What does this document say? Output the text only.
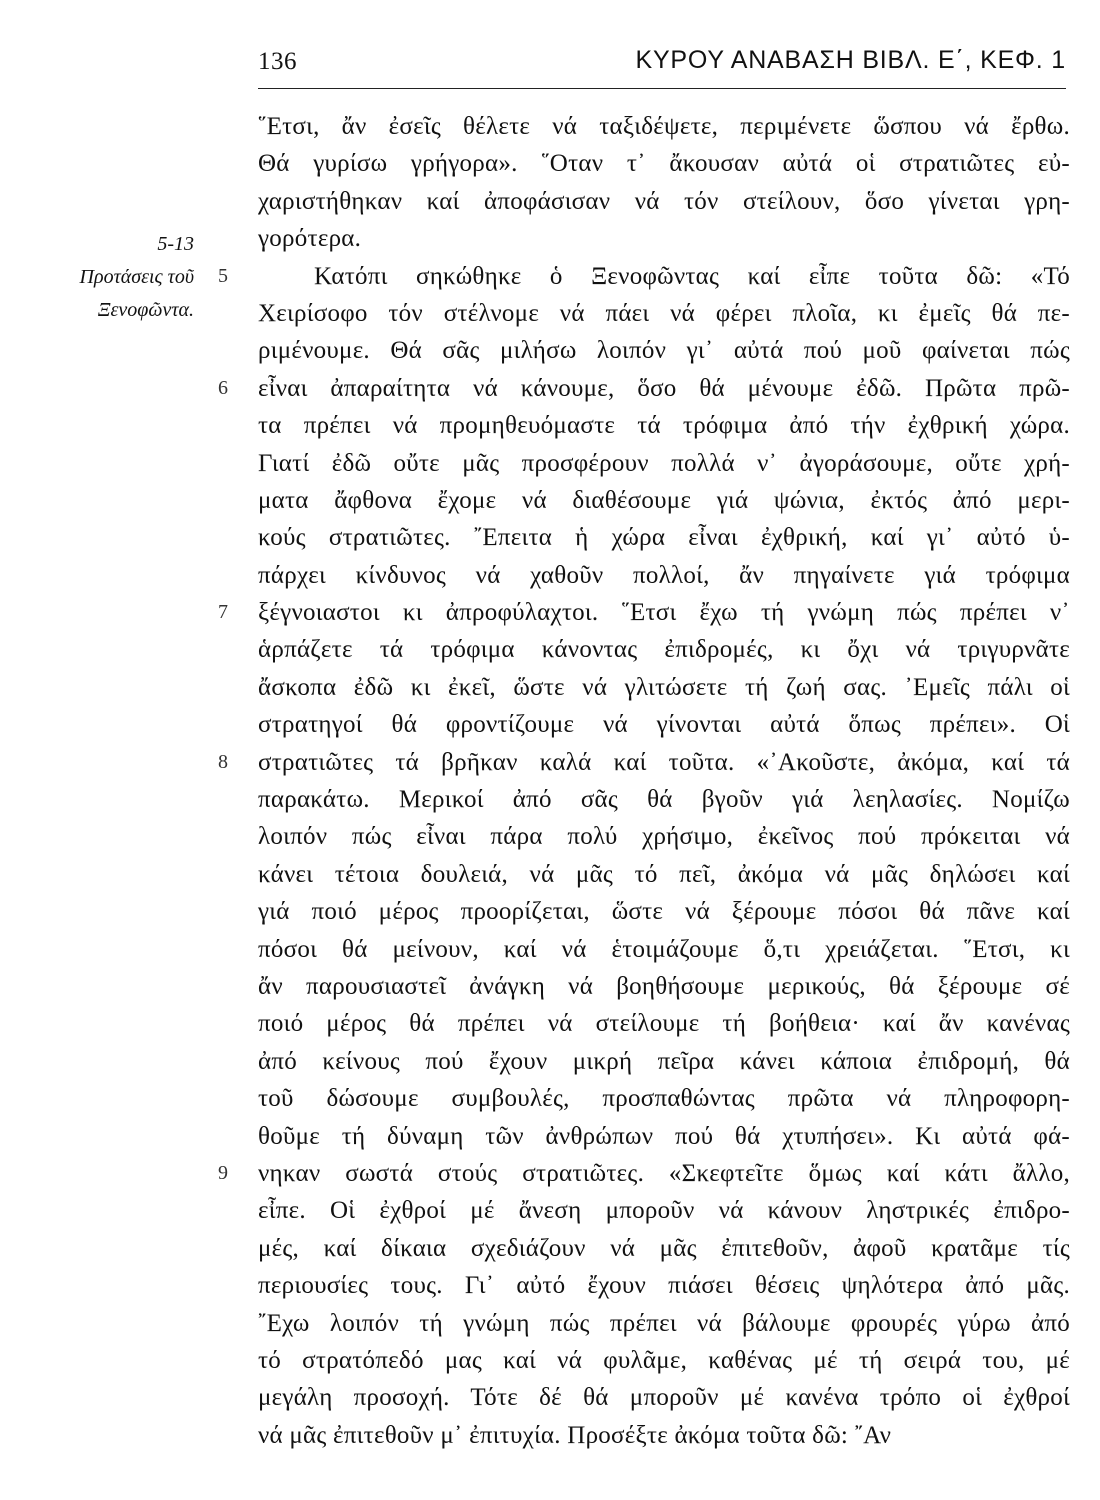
136	ΚΥΡΟΥ ΑΝΑΒΑΣΗ ΒΙΒΛ. Ε΄, ΚΕΦ. 1
5-13
Προτάσεις τοῦ
Ξενοφῶντα.
῞Ετσι, ἄν ἐσεῖς θέλετε νά ταξιδέψετε, περιμένετε ὥσπου νά ἔρθω.
Θά γυρίσω γρήγορα». ῞Οταν τ᾽ ἄκουσαν αὐτά οἱ στρατιῶτες εὐ-
χαριστήθηκαν καί ἀποφάσισαν νά τόν στείλουν, ὅσο γίνεται γρη-
γορότερα.
5	Κατόπι σηκώθηκε ὁ Ξενοφῶντας καί εἶπε τοῦτα δῶ: «Τό
Χειρίσοφο τόν στέλνομε νά πάει νά φέρει πλοῖα, κι ἐμεῖς θά πε-
ριμένουμε. Θά σᾶς μιλήσω λοιπόν γι᾽ αὐτά πού μοῦ φαίνεται πώς
6	εἶναι ἀπαραίτητα νά κάνουμε, ὅσο θά μένουμε ἐδῶ. Πρῶτα πρῶ-
τα πρέπει νά προμηθευόμαστε τά τρόφιμα ἀπό τήν ἐχθρική χώρα.
Γιατί ἐδῶ οὔτε μᾶς προσφέρουν πολλά ν᾽ ἀγοράσουμε, οὔτε χρή-
ματα ἄφθονα ἔχομε νά διαθέσουμε γιά ψώνια, ἐκτός ἀπό μερι-
κούς στρατιῶτες. ῎Επειτα ἡ χώρα εἶναι ἐχθρική, καί γι᾽ αὐτό ὑ-
πάρχει κίνδυνος νά χαθοῦν πολλοί, ἄν πηγαίνετε γιά τρόφιμα
7	ξέγνοιαστοι κι ἀπροφύλαχτοι. ῞Ετσι ἔχω τή γνώμη πώς πρέπει ν᾽
ἁρπάζετε τά τρόφιμα κάνοντας ἐπιδρομές, κι ὄχι νά τριγυρνᾶτε
ἄσκοπα ἐδῶ κι ἐκεῖ, ὥστε νά γλιτώσετε τή ζωή σας. ᾽Εμεῖς πάλι οἱ
στρατηγοί θά φροντίζουμε νά γίνονται αὐτά ὅπως πρέπει». Οἱ
8	στρατιῶτες τά βρῆκαν καλά καί τοῦτα. «᾽Ακοῦστε, ἀκόμα, καί τά
παρακάτω. Μερικοί ἀπό σᾶς θά βγοῦν γιά λεηλασίες. Νομίζω
λοιπόν πώς εἶναι πάρα πολύ χρήσιμο, ἐκεῖνος πού πρόκειται νά
κάνει τέτοια δουλειά, νά μᾶς τό πεῖ, ἀκόμα νά μᾶς δηλώσει καί
γιά ποιό μέρος προορίζεται, ὥστε νά ξέρουμε πόσοι θά πᾶνε καί
πόσοι θά μείνουν, καί νά ἑτοιμάζουμε ὅ,τι χρειάζεται. ῞Ετσι, κι
ἄν παρουσιαστεῖ ἀνάγκη νά βοηθήσουμε μερικούς, θά ξέρουμε σέ
ποιό μέρος θά πρέπει νά στείλουμε τή βοήθεια· καί ἄν κανένας
ἀπό κείνους πού ἔχουν μικρή πεῖρα κάνει κάποια ἐπιδρομή, θά
τοῦ δώσουμε συμβουλές, προσπαθώντας πρῶτα νά πληροφορη-
θοῦμε τή δύναμη τῶν ἀνθρώπων πού θά χτυπήσει». Κι αὐτά φά-
9	νηκαν σωστά στούς στρατιῶτες. «Σκεφτεῖτε ὅμως καί κάτι ἄλλο,
εἶπε. Οἱ ἐχθροί μέ ἄνεση μποροῦν νά κάνουν ληστρικές ἐπιδρο-
μές, καί δίκαια σχεδιάζουν νά μᾶς ἐπιτεθοῦν, ἀφοῦ κρατᾶμε τίς
περιουσίες τους. Γι᾽ αὐτό ἔχουν πιάσει θέσεις ψηλότερα ἀπό μᾶς.
῎Εχω λοιπόν τή γνώμη πώς πρέπει νά βάλουμε φρουρές γύρω ἀπό
τό στρατόπεδό μας καί νά φυλᾶμε, καθένας μέ τή σειρά του, μέ
μεγάλη προσοχή. Τότε δέ θά μποροῦν μέ κανένα τρόπο οἱ ἐχθροί
νά μᾶς ἐπιτεθοῦν μ᾽ ἐπιτυχία. Προσέξτε ἀκόμα τοῦτα δῶ: ῎Αν
